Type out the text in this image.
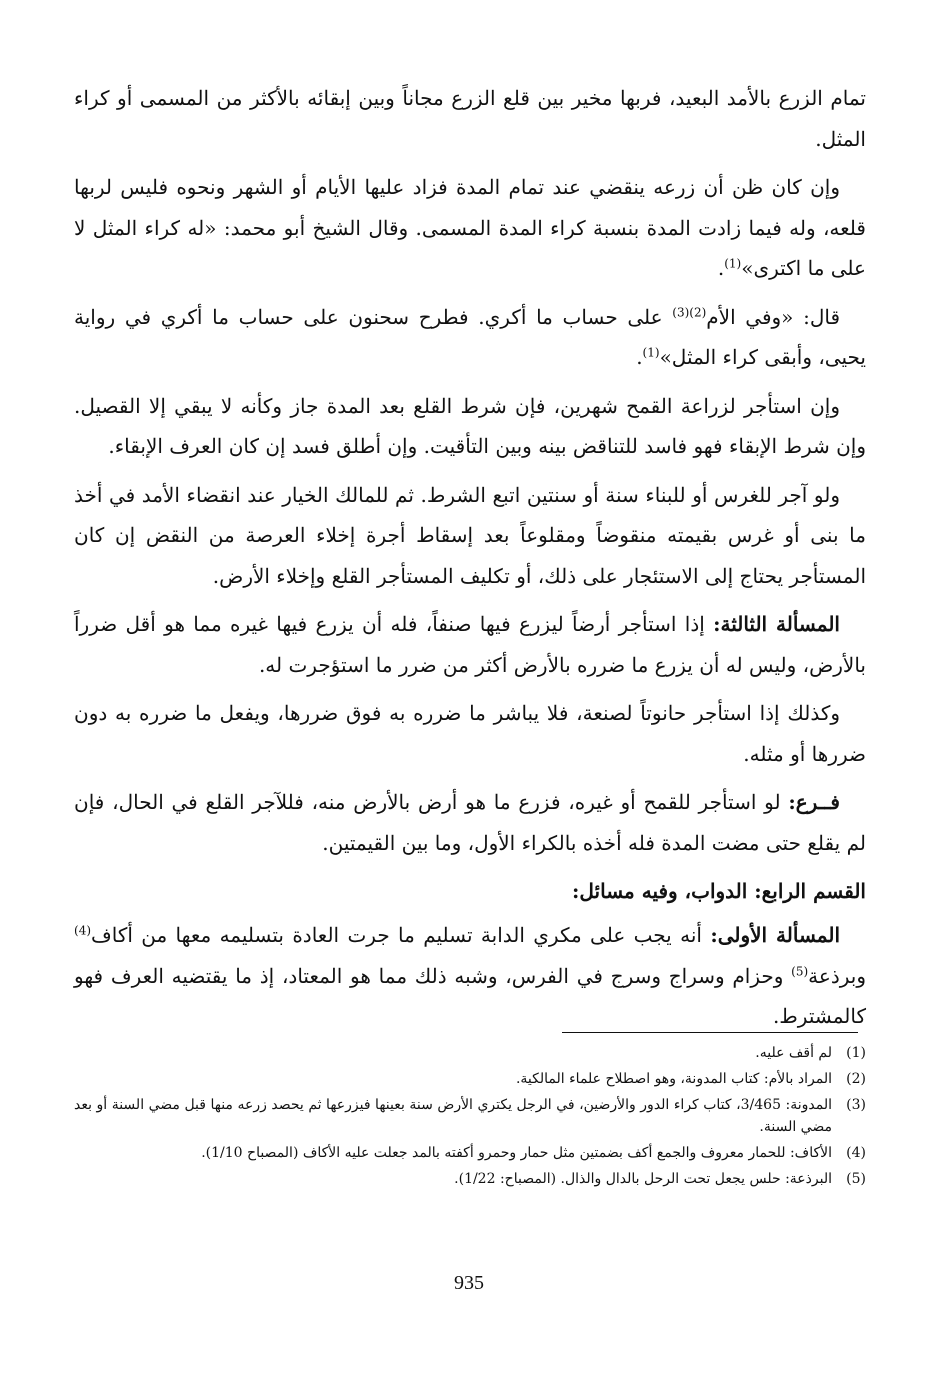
تمام الزرع بالأمد البعيد، فربها مخير بين قلع الزرع مجاناً وبين إبقائه بالأكثر من المسمى أو كراء المثل.

وإن كان ظن أن زرعه ينقضي عند تمام المدة فزاد عليها الأيام أو الشهر ونحوه فليس لربها قلعه، وله فيما زادت المدة بنسبة كراء المدة المسمى. وقال الشيخ أبو محمد: «له كراء المثل لا على ما اكترى»$^{(1)}$.

قال: «وفي الأم$^{(2)(3)}$ على حساب ما أكري. فطرح سحنون على حساب ما أكري في رواية يحيى، وأبقى كراء المثل»$^{(1)}$.

وإن استأجر لزراعة القمح شهرين، فإن شرط القلع بعد المدة جاز وكأنه لا يبقي إلا القصيل. وإن شرط الإبقاء فهو فاسد للتناقض بينه وبين التأقيت. وإن أطلق فسد إن كان العرف الإبقاء.

ولو آجر للغرس أو للبناء سنة أو سنتين اتبع الشرط. ثم للمالك الخيار عند انقضاء الأمد في أخذ ما بنى أو غرس بقيمته منقوضاً ومقلوعاً بعد إسقاط أجرة إخلاء العرصة من النقض إن كان المستأجر يحتاج إلى الاستئجار على ذلك، أو تكليف المستأجر القلع وإخلاء الأرض.

المسألة الثالثة: إذا استأجر أرضاً ليزرع فيها صنفاً، فله أن يزرع فيها غيره مما هو أقل ضرراً بالأرض، وليس له أن يزرع ما ضرره بالأرض أكثر من ضرر ما استؤجرت له.

وكذلك إذا استأجر حانوتاً لصنعة، فلا يباشر ما ضرره به فوق ضررها، ويفعل ما ضرره به دون ضررها أو مثله.

فــرع: لو استأجر للقمح أو غيره، فزرع ما هو أرض بالأرض منه، فللآجر القلع في الحال، فإن لم يقلع حتى مضت المدة فله أخذه بالكراء الأول، وما بين القيمتين.

القسم الرابع: الدواب، وفيه مسائل:

المسألة الأولى: أنه يجب على مكري الدابة تسليم ما جرت العادة بتسليمه معها من أكاف$^{(4)}$ وبرذعة$^{(5)}$ وحزام وسراج وسرج في الفرس، وشبه ذلك مما هو المعتاد، إذ ما يقتضيه العرف فهو كالمشترط.

(1)
لم أقف عليه.
(2)
المراد بالأم: كتاب المدونة، وهو اصطلاح علماء المالكية.
(3)
المدونة: 3/465، كتاب كراء الدور والأرضين، في الرجل يكتري الأرض سنة بعينها فيزرعها ثم يحصد زرعه منها قبل مضي السنة أو بعد مضي السنة.
(4)
الأكاف: للحمار معروف والجمع أكف بضمتين مثل حمار وحمرو أكفته بالمد جعلت عليه الأكاف (المصباح 1/10).
(5)
البرذعة: حلس يجعل تحت الرحل بالدال والذال. (المصباح: 1/22).
935
